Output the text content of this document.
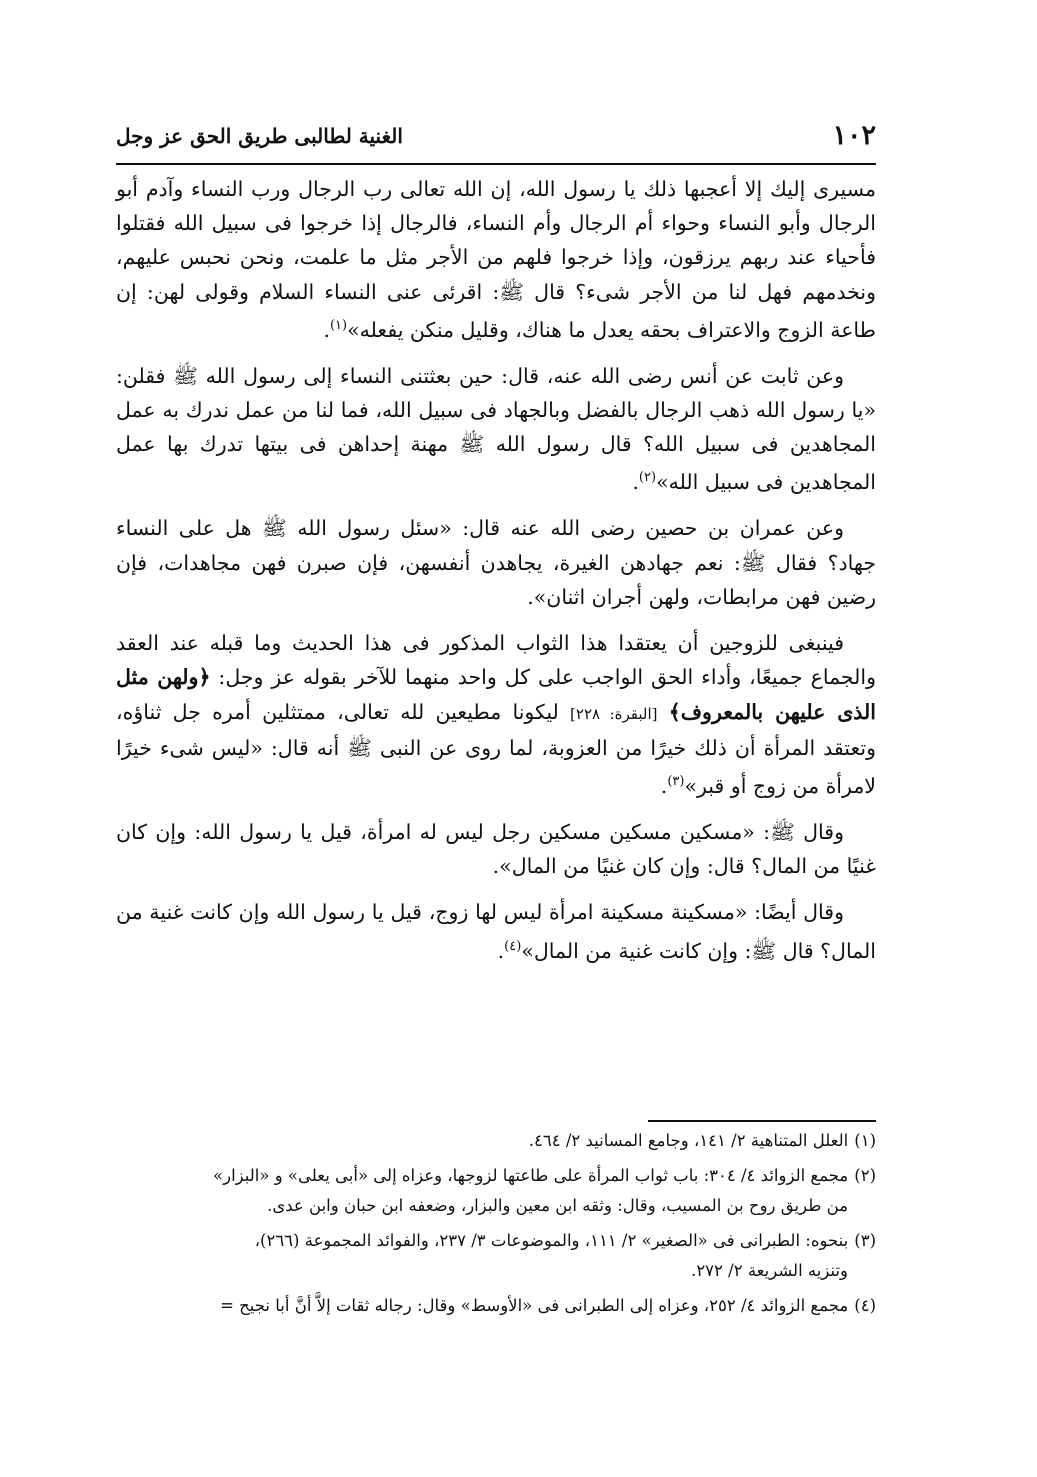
١٠٢
الغنية لطالبى طريق الحق عز وجل

مسيرى إليك إلا أعجبها ذلك يا رسول الله، إن الله تعالى رب الرجال ورب النساء وآدم أبو الرجال وأبو النساء وحواء أم الرجال وأم النساء، فالرجال إذا خرجوا فى سبيل الله فقتلوا فأحياء عند ربهم يرزقون، وإذا خرجوا فلهم من الأجر مثل ما علمت، ونحن نحبس عليهم، ونخدمهم فهل لنا من الأجر شىء؟ قال ﷺ: اقرئى عنى النساء السلام وقولى لهن: إن طاعة الزوج والاعتراف بحقه يعدل ما هناك، وقليل منكن يفعله»$^{(١)}$.

وعن ثابت عن أنس رضى الله عنه، قال: حين بعثتنى النساء إلى رسول الله ﷺ فقلن: «يا رسول الله ذهب الرجال بالفضل وبالجهاد فى سبيل الله، فما لنا من عمل ندرك به عمل المجاهدين فى سبيل الله؟ قال رسول الله ﷺ مهنة إحداهن فى بيتها تدرك بها عمل المجاهدين فى سبيل الله»$^{(٢)}$.

وعن عمران بن حصين رضى الله عنه قال: «سئل رسول الله ﷺ هل على النساء جهاد؟ فقال ﷺ: نعم جهادهن الغيرة، يجاهدن أنفسهن، فإن صبرن فهن مجاهدات، فإن رضين فهن مرابطات، ولهن أجران اثنان».

فينبغى للزوجين أن يعتقدا هذا الثواب المذكور فى هذا الحديث وما قبله عند العقد والجماع جميعًا، وأداء الحق الواجب على كل واحد منهما للآخر بقوله عز وجل: ﴿ولهن مثل الذى عليهن بالمعروف﴾ [البقرة: ٢٢٨] ليكونا مطيعين لله تعالى، ممتثلين أمره جل ثناؤه، وتعتقد المرأة أن ذلك خيرًا من العزوبة، لما روى عن النبى ﷺ أنه قال: «ليس شىء خيرًا لامرأة من زوج أو قبر»$^{(٣)}$.

وقال ﷺ: «مسكين مسكين مسكين رجل ليس له امرأة، قيل يا رسول الله: وإن كان غنيًا من المال؟ قال: وإن كان غنيًا من المال».

وقال أيضًا: «مسكينة مسكينة امرأة ليس لها زوج، قيل يا رسول الله وإن كانت غنية من المال؟ قال ﷺ: وإن كانت غنية من المال»$^{(٤)}$.

(١)العلل المتناهية ٢/ ١٤١، وجامع المسانيد ٢/ ٤٦٤.
(٢)مجمع الزوائد ٤/ ٣٠٤: باب ثواب المرأة على طاعتها لزوجها، وعزاه إلى «أبى يعلى» و «البزار»

من طريق روح بن المسيب، وقال: وثقه ابن معين والبزار، وضعفه ابن حبان وابن عدى.

(٣)بنحوه: الطبرانى فى «الصغير» ٢/ ١١١، والموضوعات ٣/ ٢٣٧، والفوائد المجموعة (٢٦٦)،

وتنزيه الشريعة ٢/ ٢٧٢.

(٤)مجمع الزوائد ٤/ ٢٥٢، وعزاه إلى الطبرانى فى «الأوسط» وقال: رجاله ثقات إلاَّ أنَّ أبا نجيح =
